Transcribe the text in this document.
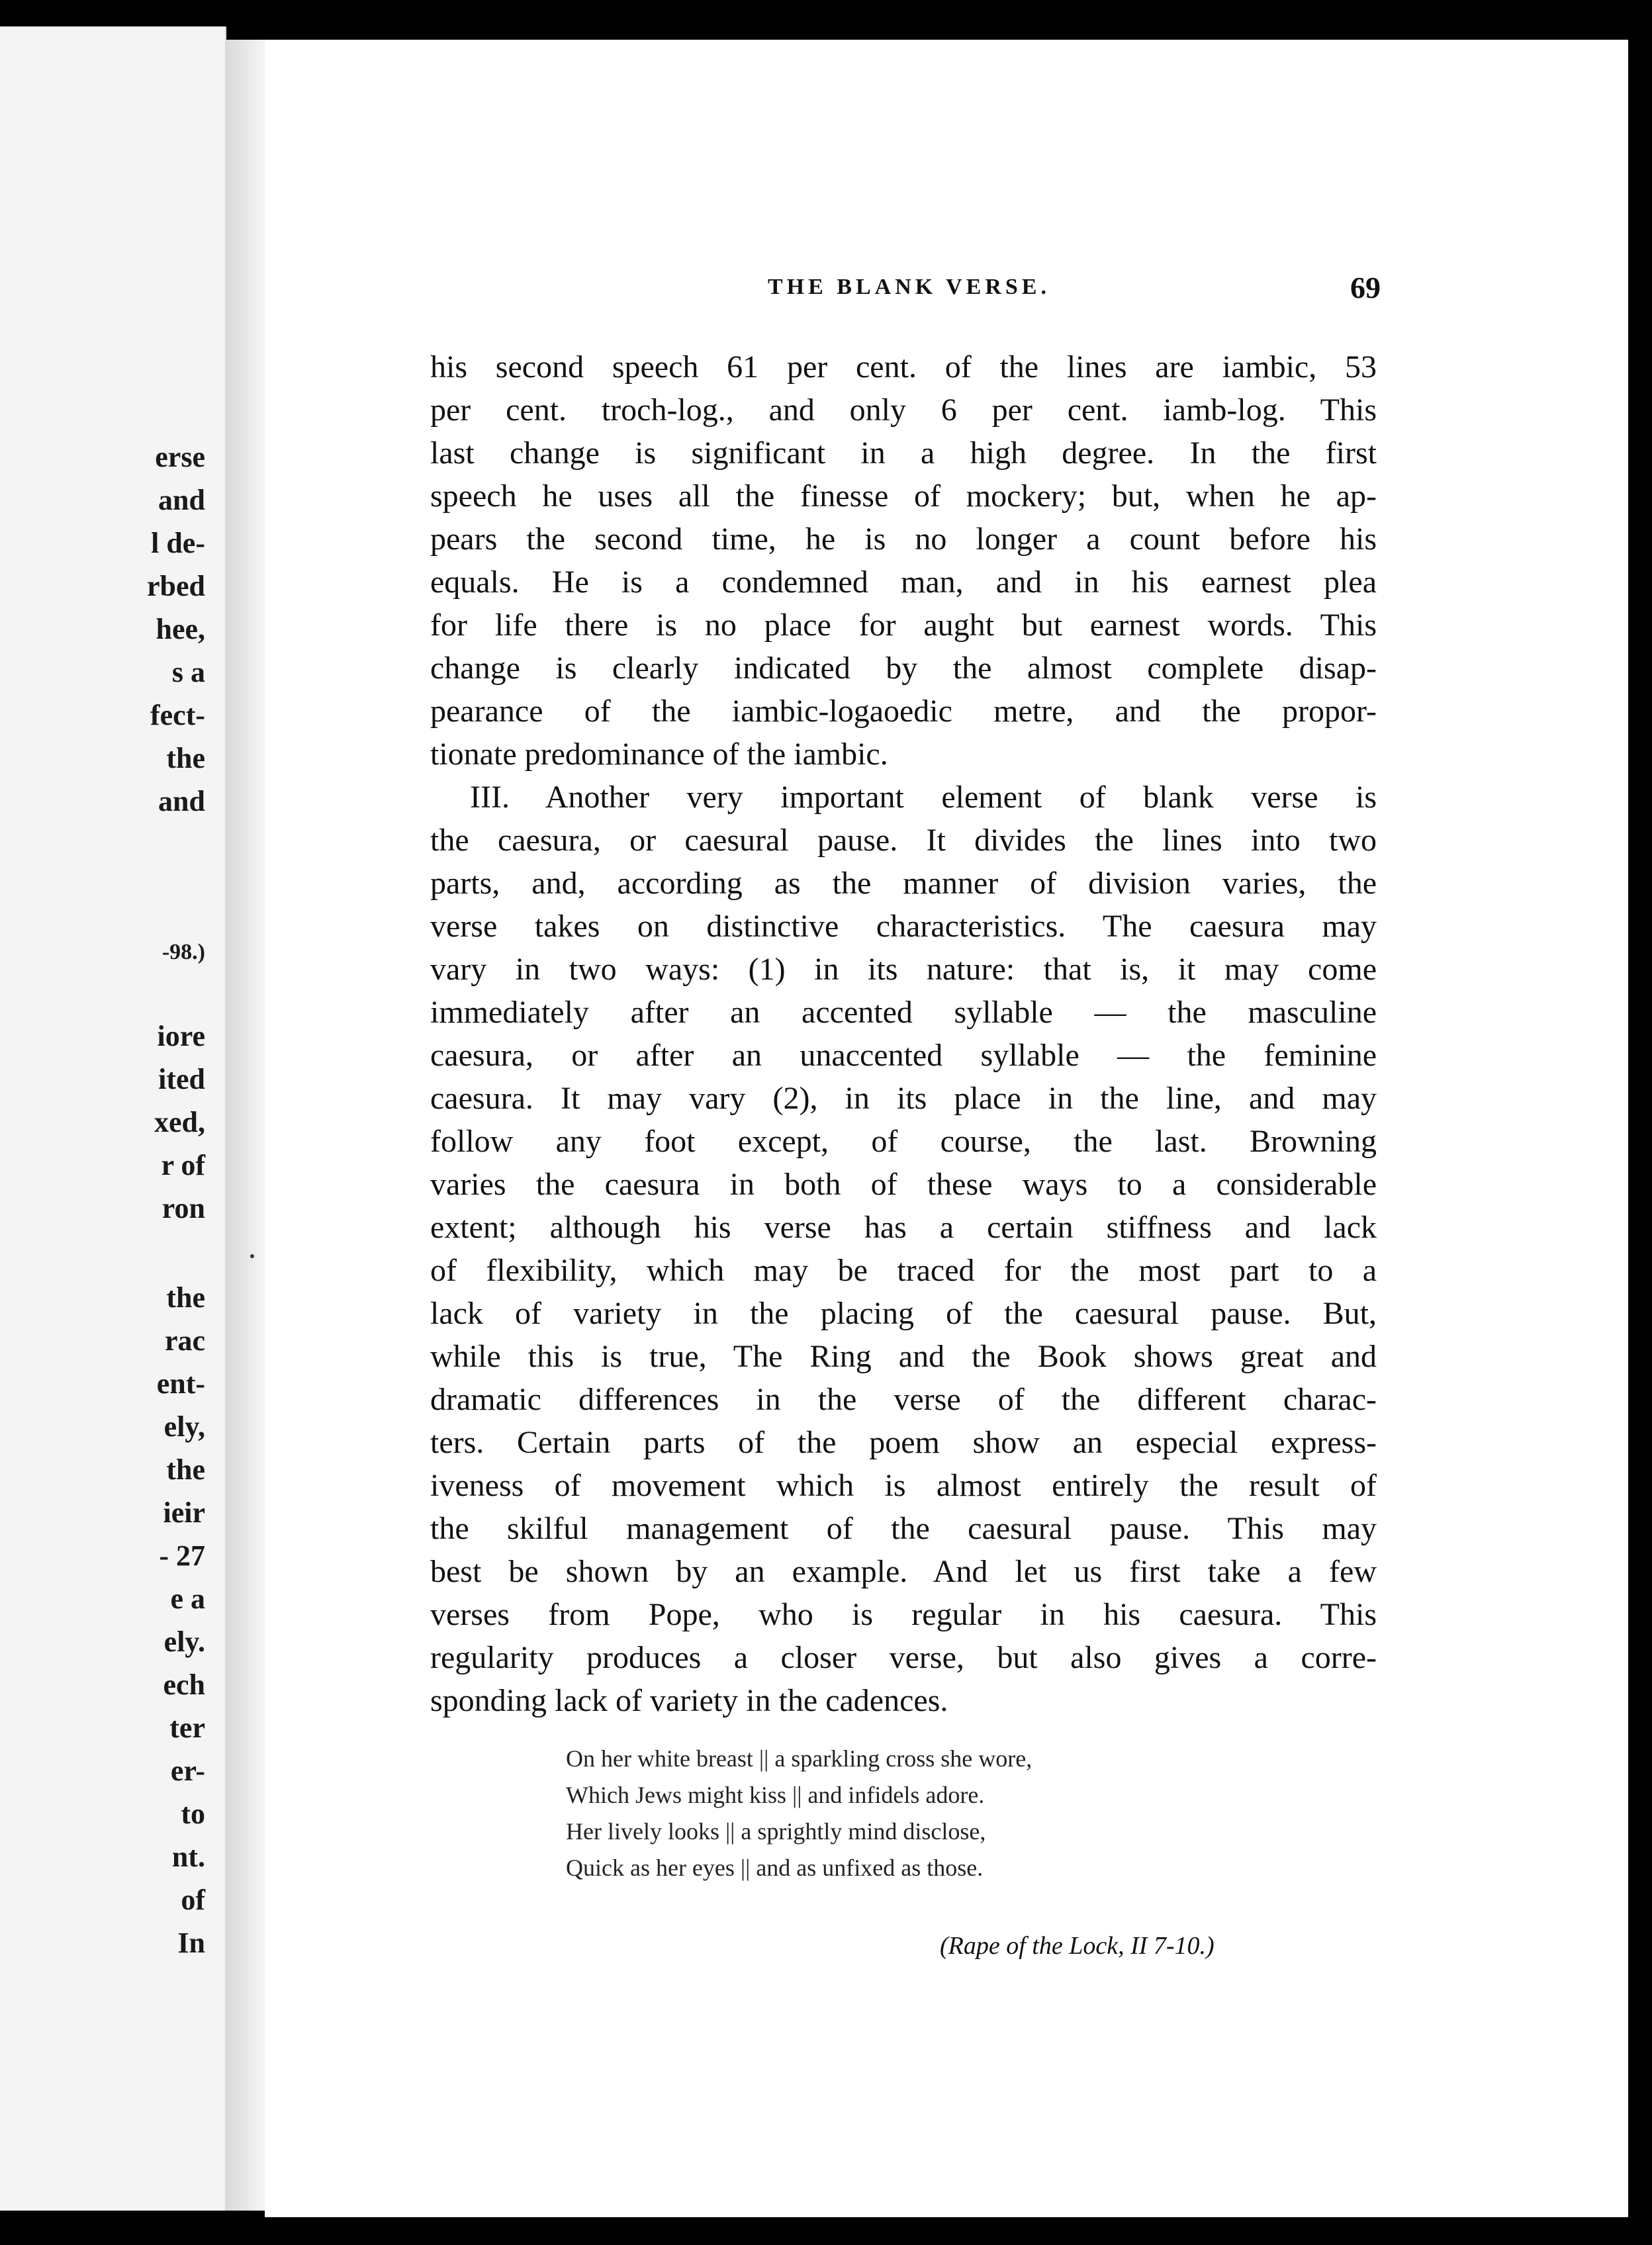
erse
and
l de-
rbed
hee,
s a
fect-
the
and
-98.)
iore
ited
xed,
r of
ron
the
rac
ent-
ely,
the
ieir
- 27
e a
ely.
ech
ter
er-
to
nt.
of
In
THE BLANK VERSE.	69
his second speech 61 per cent. of the lines are iambic, 53
per cent. troch-log., and only 6 per cent. iamb-log. This
last change is significant in a high degree. In the first
speech he uses all the finesse of mockery; but, when he ap-
pears the second time, he is no longer a count before his
equals. He is a condemned man, and in his earnest plea
for life there is no place for aught but earnest words. This
change is clearly indicated by the almost complete disap-
pearance of the iambic-logaoedic metre, and the propor-
tionate predominance of the iambic.
III. Another very important element of blank verse is
the caesura, or caesural pause. It divides the lines into two
parts, and, according as the manner of division varies, the
verse takes on distinctive characteristics. The caesura may
vary in two ways: (1) in its nature: that is, it may come
immediately after an accented syllable — the masculine
caesura, or after an unaccented syllable — the feminine
caesura. It may vary (2), in its place in the line, and may
follow any foot except, of course, the last. Browning
varies the caesura in both of these ways to a considerable
extent; although his verse has a certain stiffness and lack
of flexibility, which may be traced for the most part to a
lack of variety in the placing of the caesural pause. But,
while this is true, The Ring and the Book shows great and
dramatic differences in the verse of the different charac-
ters. Certain parts of the poem show an especial express-
iveness of movement which is almost entirely the result of
the skilful management of the caesural pause. This may
best be shown by an example. And let us first take a few
verses from Pope, who is regular in his caesura. This
regularity produces a closer verse, but also gives a corre-
sponding lack of variety in the cadences.
On her white breast || a sparkling cross she wore,
Which Jews might kiss || and infidels adore.
Her lively looks || a sprightly mind disclose,
Quick as her eyes || and as unfixed as those.
(Rape of the Lock, II 7-10.)
